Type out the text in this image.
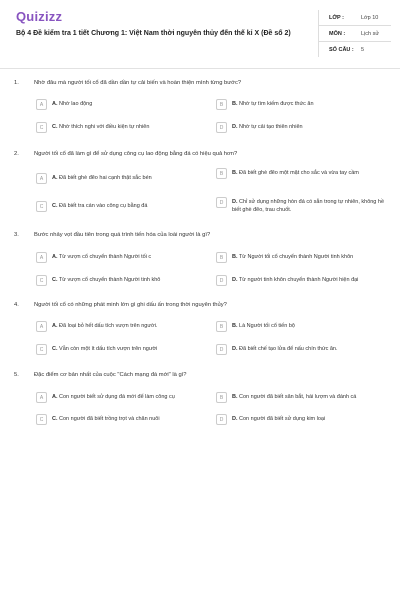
Quizizz
Bộ 4 Đề kiểm tra 1 tiết Chương 1: Việt Nam thời nguyên thủy đến thế kỉ X (Đề số 2)
LỚP :	Lớp 10
MÔN :	Lịch sử
SỐ CÂU :	5
1.	Nhờ đâu mà người tối cổ đã dần dần tự cải biến và hoàn thiện mình từng bước?
A	A. Nhờ lao động	B	B. Nhờ tự tìm kiếm được thức ăn
C	C. Nhờ thích nghi với điều kiện tự nhiên	D	D. Nhờ tự cải tạo thiên nhiên
2.	Người tối cổ đã làm gì để sử dụng công cụ lao động bằng đá có hiệu quả hơn?
A	A. Đã biết ghè đẽo hai cạnh thật sắc bén
B	B. Đã biết ghè đẽo một mặt cho sắc và vừa tay cầm
C	C. Đã biết tra cán vào công cụ bằng đá
D	D. Chỉ sử dụng những hòn đá có sẵn trong tự nhiên, không hề biết ghè đẽo, trau chuốt.
3.	Bước nhảy vọt đầu tiên trong quá trình tiến hóa của loài người là gì?
A	A. Từ vượn cổ chuyển thành Người tối c	B	B. Từ Người tối cổ chuyển thành Người tinh khôn
C	C. Từ vượn cổ chuyển thành Người tinh khô	D	D. Từ người tinh khôn chuyển thành Người hiện đại
4.	Người tối cổ có những phát minh lớn gì ghi dấu ấn trong thời nguyên thủy?
A	A. Đã loại bỏ hết dấu tích vượn trên người.	B	B. Là Người tối cổ tiến bộ
C	C. Vẫn còn một ít dấu tích vượn trên người	D	D. Đã biết chế tạo lửa để nấu chín thức ăn.
5.	Đặc điểm cơ bản nhất của cuộc "Cách mạng đá mới" là gì?
A	A. Con người biết sử dụng đá mới để làm công cụ	B	B. Con người đã biết săn bắt, hái lượm và đánh cá
C	C. Con người đã biết trồng trọt và chăn nuôi	D	D. Con người đã biết sử dụng kim loại
